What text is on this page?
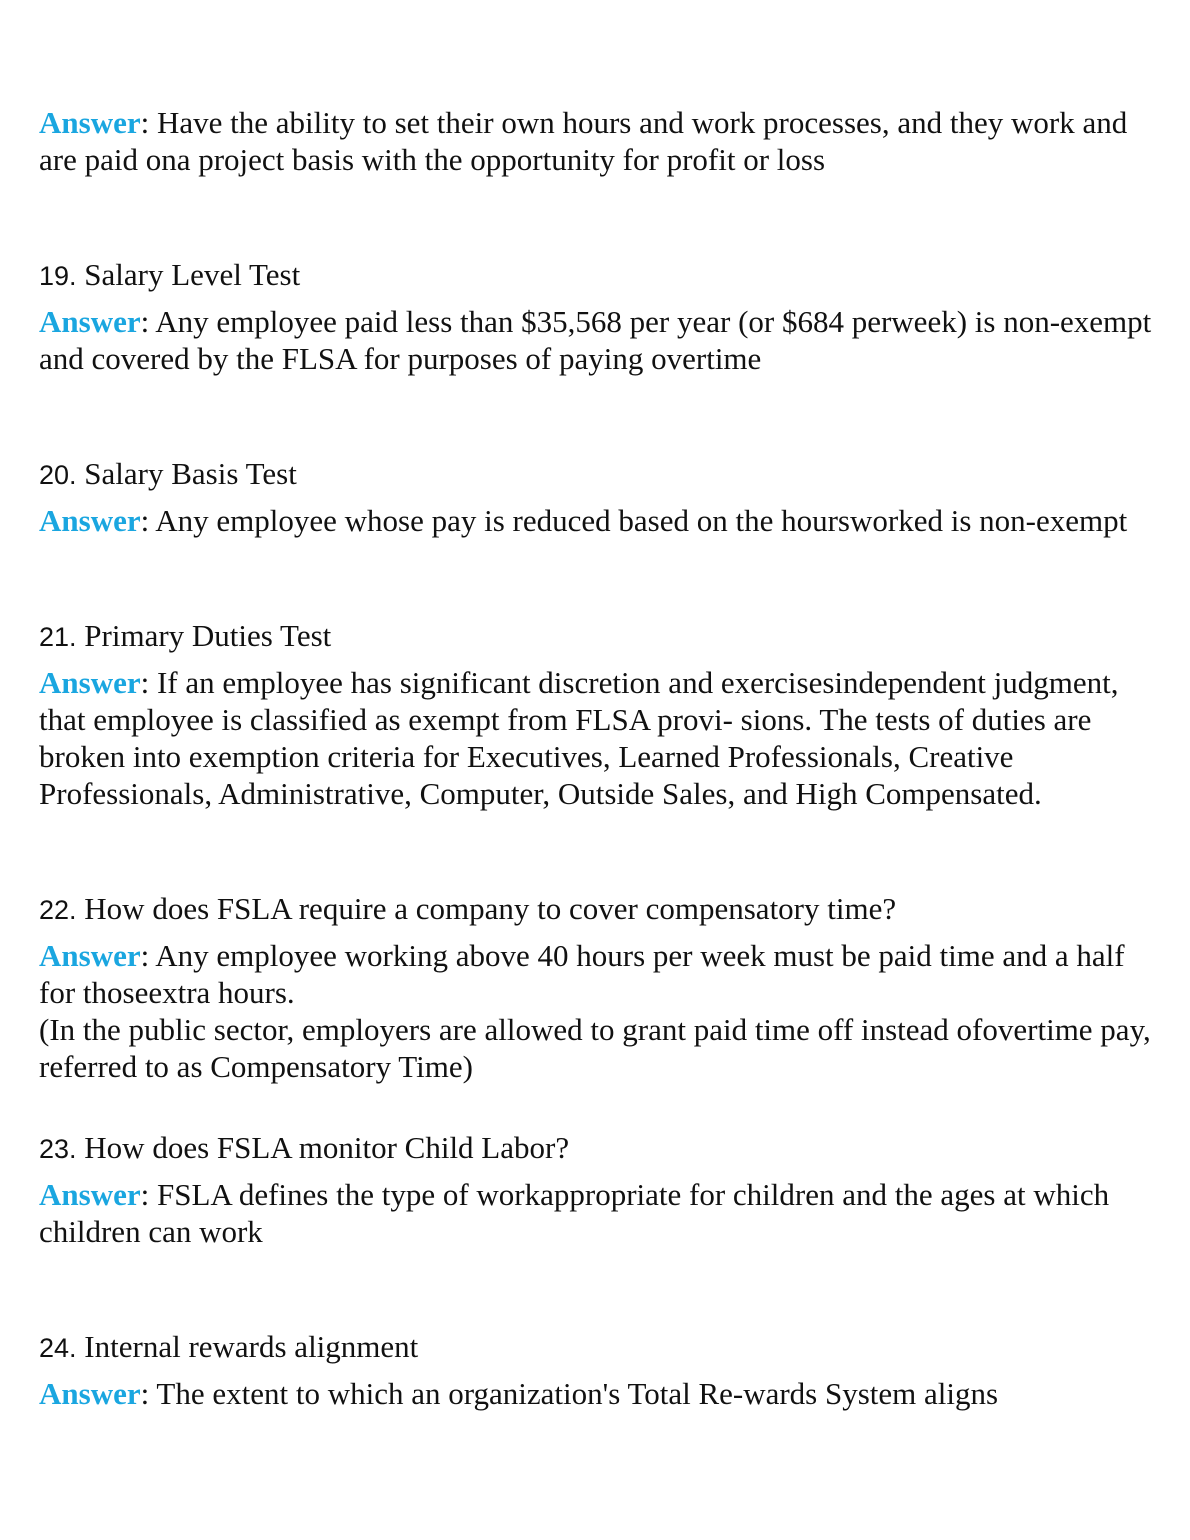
Answer: Have the ability to set their own hours and work processes, and they work and are paid ona project basis with the opportunity for profit or loss

19. Salary Level Test

Answer: Any employee paid less than $35,568 per year (or $684 perweek) is non-exempt and covered by the FLSA for purposes of paying overtime

20. Salary Basis Test

Answer: Any employee whose pay is reduced based on the hoursworked is non-exempt

21. Primary Duties Test

Answer: If an employee has significant discretion and exercisesindependent judgment, that employee is classified as exempt from FLSA provi- sions. The tests of duties are broken into exemption criteria for Executives, Learned Professionals, Creative Professionals, Administrative, Computer, Outside Sales, and High Compensated.

22. How does FSLA require a company to cover compensatory time?

Answer: Any employee working above 40 hours per week must be paid time and a half for thoseextra hours.

(In the public sector, employers are allowed to grant paid time off instead ofovertime pay, referred to as Compensatory Time)

23. How does FSLA monitor Child Labor?

Answer: FSLA defines the type of workappropriate for children and the ages at which children can work

24. Internal rewards alignment

Answer: The extent to which an organization's Total Re-wards System aligns
